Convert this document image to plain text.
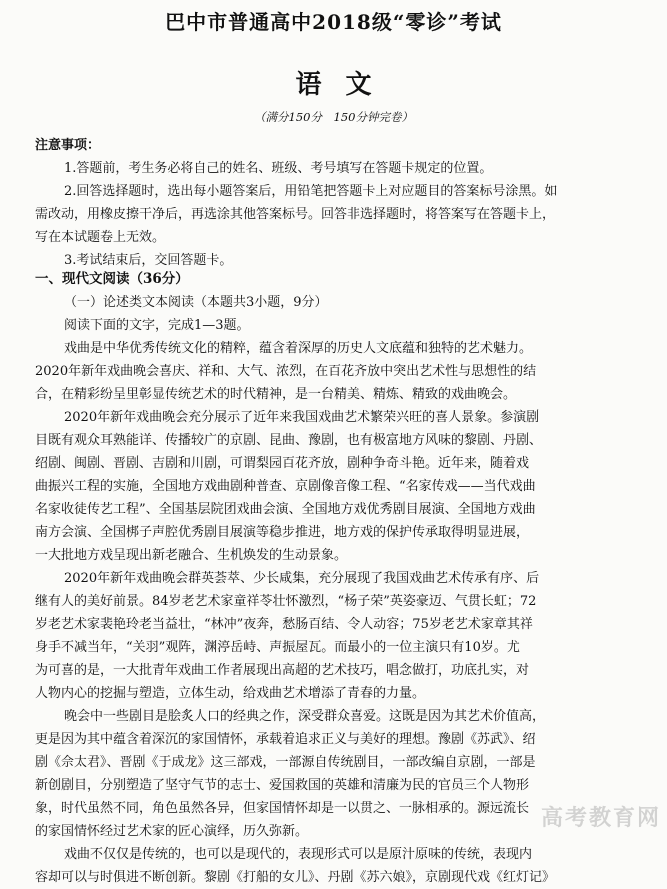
巴中市普通高中2018级“零诊”考试
语文
（满分150分　150分钟完卷）
注意事项：
1.答题前，考生务必将自己的姓名、班级、考号填写在答题卡规定的位置。
2.回答选择题时，选出每小题答案后，用铅笔把答题卡上对应题目的答案标号涂黑。如
需改动，用橡皮擦干净后，再选涂其他答案标号。回答非选择题时，将答案写在答题卡上，
写在本试题卷上无效。
3.考试结束后，交回答题卡。
一、现代文阅读（36分）
（一）论述类文本阅读（本题共3小题，9分）
阅读下面的文字，完成1—3题。
戏曲是中华优秀传统文化的精粹，蕴含着深厚的历史人文底蕴和独特的艺术魅力。
2020年新年戏曲晚会喜庆、祥和、大气、浓烈，在百花齐放中突出艺术性与思想性的结
合，在精彩纷呈里彰显传统艺术的时代精神，是一台精美、精炼、精致的戏曲晚会。
2020年新年戏曲晚会充分展示了近年来我国戏曲艺术繁荣兴旺的喜人景象。参演剧
目既有观众耳熟能详、传播较广的京剧、昆曲、豫剧，也有极富地方风味的黎剧、丹剧、
绍剧、闽剧、晋剧、吉剧和川剧，可谓梨园百花齐放，剧种争奇斗艳。近年来，随着戏
曲振兴工程的实施，全国地方戏曲剧种普查、京剧像音像工程、“名家传戏——当代戏曲
名家收徒传艺工程”、全国基层院团戏曲会演、全国地方戏优秀剧目展演、全国地方戏曲
南方会演、全国梆子声腔优秀剧目展演等稳步推进，地方戏的保护传承取得明显进展，
一大批地方戏呈现出新老融合、生机焕发的生动景象。
2020年新年戏曲晚会群英荟萃、少长咸集，充分展现了我国戏曲艺术传承有序、后
继有人的美好前景。84岁老艺术家童祥苓壮怀激烈，“杨子荣”英姿豪迈、气贯长虹；72
岁老艺术家裴艳玲老当益壮，“林冲”夜奔，愁肠百结、令人动容；75岁老艺术家章其祥
身手不减当年，“关羽”观阵，渊渟岳峙、声振屋瓦。而最小的一位主演只有10岁。尤
为可喜的是，一大批青年戏曲工作者展现出高超的艺术技巧，唱念做打，功底扎实，对
人物内心的挖掘与塑造，立体生动，给戏曲艺术增添了青春的力量。
晚会中一些剧目是脍炙人口的经典之作，深受群众喜爱。这既是因为其艺术价值高，
更是因为其中蕴含着深沉的家国情怀，承载着追求正义与美好的理想。豫剧《苏武》、绍
剧《佘太君》、晋剧《于成龙》这三部戏，一部源自传统剧目，一部改编自京剧，一部是
新创剧目，分别塑造了坚守气节的志士、爱国救国的英雄和清廉为民的官员三个人物形
象，时代虽然不同，角色虽然各异，但家国情怀却是一以贯之、一脉相承的。源远流长
的家国情怀经过艺术家的匠心演绎，历久弥新。
戏曲不仅仅是传统的，也可以是现代的，表现形式可以是原汁原味的传统，表现内
容却可以与时俱进不断创新。黎剧《打船的女儿》、丹剧《苏六娘》，京剧现代戏《红灯记》
高考教育网
